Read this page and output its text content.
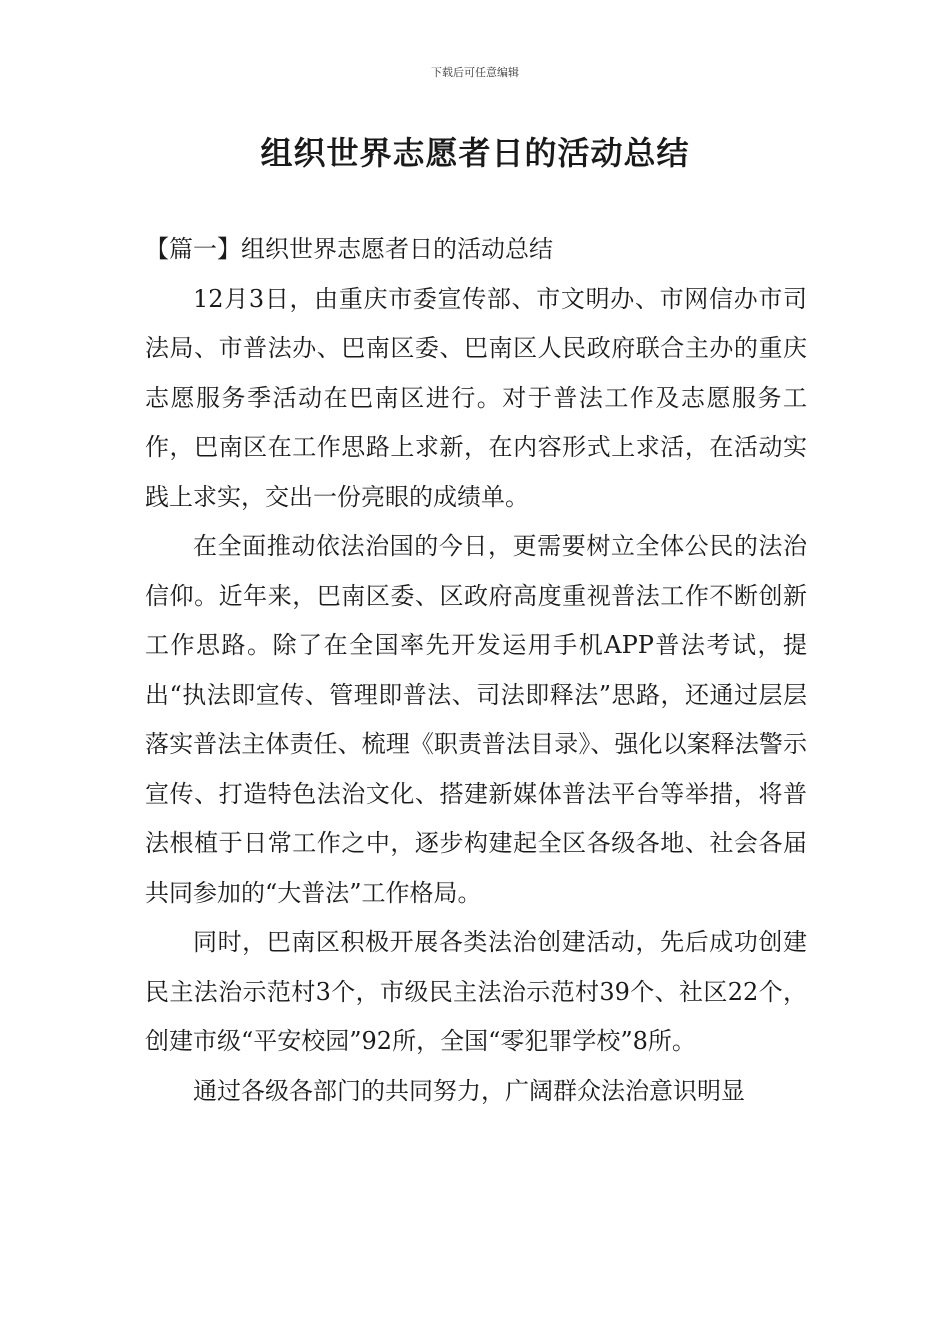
下载后可任意编辑
组织世界志愿者日的活动总结
【篇一】组织世界志愿者日的活动总结

12月3日，由重庆市委宣传部、市文明办、市网信办市司法局、市普法办、巴南区委、巴南区人民政府联合主办的重庆志愿服务季活动在巴南区进行。对于普法工作及志愿服务工作，巴南区在工作思路上求新，在内容形式上求活，在活动实践上求实，交出一份亮眼的成绩单。

在全面推动依法治国的今日，更需要树立全体公民的法治信仰。近年来，巴南区委、区政府高度重视普法工作不断创新工作思路。除了在全国率先开发运用手机APP普法考试，提出“执法即宣传、管理即普法、司法即释法”思路，还通过层层落实普法主体责任、梳理《职责普法目录》、强化以案释法警示宣传、打造特色法治文化、搭建新媒体普法平台等举措，将普法根植于日常工作之中，逐步构建起全区各级各地、社会各届共同参加的“大普法”工作格局。

同时，巴南区积极开展各类法治创建活动，先后成功创建民主法治示范村3个，市级民主法治示范村39个、社区22个，创建市级“平安校园”92所，全国“零犯罪学校”8所。

通过各级各部门的共同努力，广阔群众法治意识明显
